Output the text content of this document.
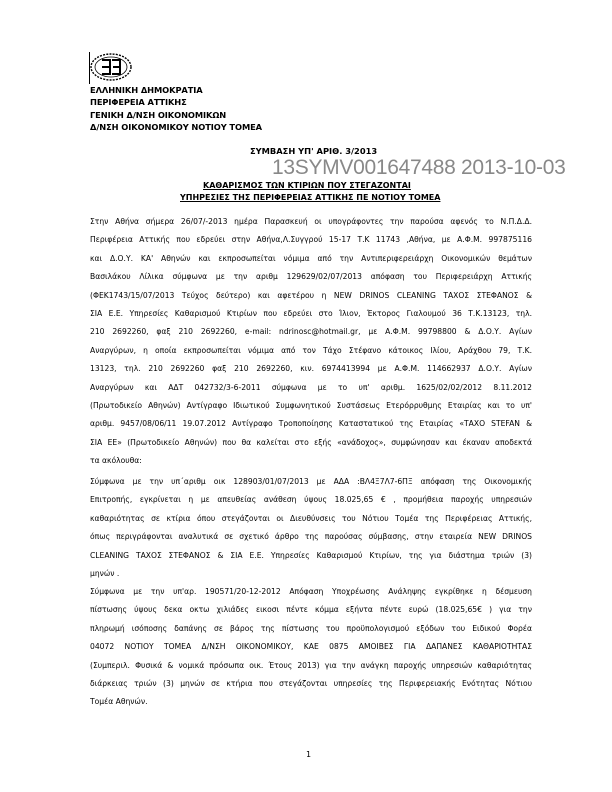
ΕΛΛΗΝΙΚΗ ΔΗΜΟΚΡΑΤΙΑ
ΠΕΡΙΦΕΡΕΙΑ ΑΤΤΙΚΗΣ
ΓΕΝΙΚΗ Δ/ΝΣΗ ΟΙΚΟΝΟΜΙΚΩΝ
Δ/ΝΣΗ ΟΙΚΟΝΟΜΙΚΟΥ ΝΟΤΙΟΥ ΤΟΜΕΑ
ΣΥΜΒΑΣΗ ΥΠ' ΑΡΙΘ. 3/2013
13SYMV001647488 2013-10-03
ΚΑΘΑΡΙΣΜΟΣ ΤΩΝ ΚΤΙΡΙΩΝ ΠΟΥ ΣΤΕΓΑΖΟΝΤΑΙ
ΥΠΗΡΕΣΙΕΣ ΤΗΣ ΠΕΡΙΦΕΡΕΙΑΣ ΑΤΤΙΚΗΣ ΠΕ ΝΟΤΙΟΥ ΤΟΜΕΑ
Στην Αθήνα σήμερα 26/07/-2013 ημέρα Παρασκευή οι υπογράφοντες την παρούσα αφενός το Ν.Π.Δ.Δ.
Περιφέρεια Αττικής που εδρεύει στην Αθήνα,Λ.Συγγρού 15-17 Τ.Κ 11743 ,Αθήνα, με Α.Φ.Μ. 997875116
και Δ.Ο.Υ. ΚΑ' Αθηνών και εκπροσωπείται νόμιμα από την Αντιπεριφερειάρχη Οικονομικών θεμάτων
Βασιλάκου Λίλικα σύμφωνα με την αριθμ 129629/02/07/2013 απόφαση του Περιφερειάρχη Αττικής
(ΦΕΚ1743/15/07/2013 Τεύχος δεύτερο) και αφετέρου η NEW DRINOS CLEANING ΤΑΧΟΣ ΣΤΕΦΑΝΟΣ &
ΣΙΑ Ε.Ε. Υπηρεσίες Καθαρισμού Κτιρίων που εδρεύει στο Ίλιον, Έκτορος Γιαλουμού 36 Τ.Κ.13123, τηλ.
210 2692260, φαξ 210 2692260, e-mail: ndrinosc@hotmail.gr, με Α.Φ.Μ. 99798800 & Δ.Ο.Υ. Αγίων
Αναργύρων, η οποία εκπροσωπείται νόμιμα από τον Τάχο Στέφανο κάτοικος Ιλίου, Αράχθου 79, Τ.Κ.
13123, τηλ. 210 2692260 φαξ 210 2692260, κιν. 6974413994 με Α.Φ.Μ. 114662937 Δ.Ο.Υ. Αγίων
Αναργύρων και ΑΔΤ 042732/3-6-2011 σύμφωνα με το υπ' αριθμ. 1625/02/02/2012 8.11.2012
(Πρωτοδικείο Αθηνών) Αντίγραφο Ιδιωτικού Συμφωνητικού Συστάσεως Ετερόρρυθμης Εταιρίας και το υπ'
αριθμ. 9457/08/06/11 19.07.2012 Αντίγραφο Τροποποίησης Καταστατικού της Εταιρίας «ΤΑΧΟ STEFAN &
ΣΙΑ ΕΕ» (Πρωτοδικείο Αθηνών) που θα καλείται στο εξής «ανάδοχος», συμφώνησαν και έκαναν αποδεκτά
τα ακόλουθα:
Σύμφωνα με την υπ΄αριθμ οικ 128903/01/07/2013 με ΑΔΑ :ΒΛ4Ξ7Λ7-6ΠΞ απόφαση της Οικονομικής
Επιτροπής, εγκρίνεται η με απευθείας ανάθεση ύψους 18.025,65 € , προμήθεια παροχής υπηρεσιών
καθαριότητας σε κτίρια όπου στεγάζονται οι Διευθύνσεις του Νότιου Τομέα της Περιφέρειας Αττικής,
όπως περιγράφονται αναλυτικά σε σχετικό άρθρο της παρούσας σύμβασης, στην εταιρεία NEW DRINOS
CLEANING ΤΑΧΟΣ ΣΤΕΦΑΝΟΣ & ΣΙΑ Ε.Ε. Υπηρεσίες Καθαρισμού Κτιρίων, της για διάστημα τριών (3)
μηνών .
Σύμφωνα με την υπ'αρ. 190571/20-12-2012 Απόφαση Υποχρέωσης Ανάληψης εγκρίθηκε η δέσμευση
πίστωσης ύψους δεκα οκτω χιλιάδες εικοσι πέντε κόμμα εξήντα πέντε ευρώ (18.025,65€ ) για την
πληρωμή ισόποσης δαπάνης σε βάρος της πίστωσης του προϋπολογισμού εξόδων του Ειδικού Φορέα
04072 ΝΟΤΙΟΥ ΤΟΜΕΑ Δ/ΝΣΗ ΟΙΚΟΝΟΜΙΚΟΥ, ΚΑΕ 0875 ΑΜΟΙΒΕΣ ΓΙΑ ΔΑΠΑΝΕΣ ΚΑΘΑΡΙΟΤΗΤΑΣ
(Συμπεριλ. Φυσικά & νομικά πρόσωπα οικ. Έτους 2013) για την ανάγκη παροχής υπηρεσιών καθαριότητας
διάρκειας τριών (3) μηνών σε κτήρια που στεγάζονται υπηρεσίες της Περιφερειακής Ενότητας Νότιου
Τομέα Αθηνών.
1
